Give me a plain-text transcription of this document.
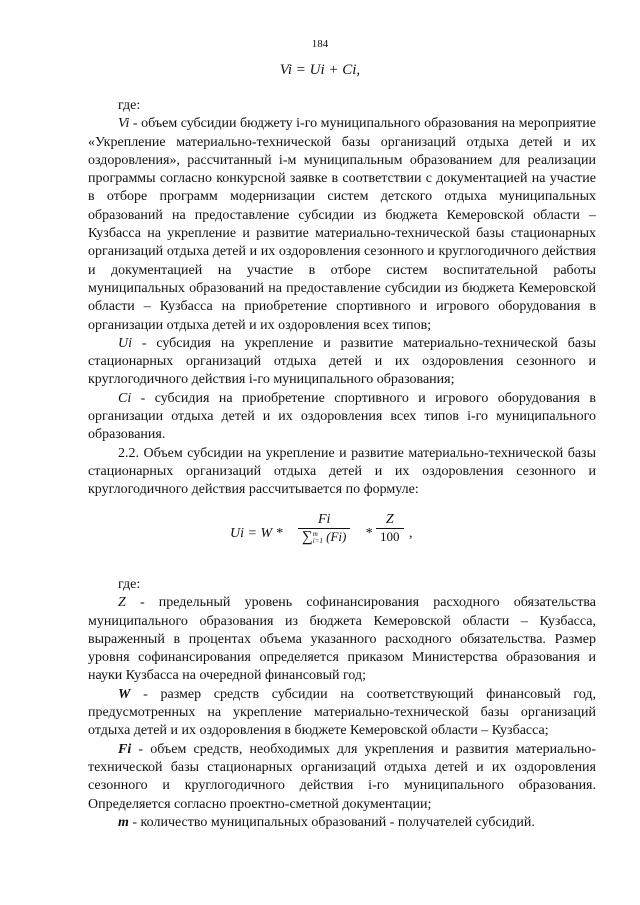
184
Vi = Ui + Ci,

где:

Vi - объем субсидии бюджету i-го муниципального образования на мероприятие «Укрепление материально-технической базы организаций отдыха детей и их оздоровления», рассчитанный i-м муниципальным образованием для реализации программы согласно конкурсной заявке в соответствии с документацией на участие в отборе программ модернизации систем детского отдыха муниципальных образований на предоставление субсидии из бюджета Кемеровской области – Кузбасса на укрепление и развитие материально-технической базы стационарных организаций отдыха детей и их оздоровления сезонного и круглогодичного действия и документацией на участие в отборе систем воспитательной работы муниципальных образований на предоставление субсидии из бюджета Кемеровской области – Кузбасса на приобретение спортивного и игрового оборудования в организации отдыха детей и их оздоровления всех типов;

Ui - субсидия на укрепление и развитие материально-технической базы стационарных организаций отдыха детей и их оздоровления сезонного и круглогодичного действия i-го муниципального образования;

Ci - субсидия на приобретение спортивного и игрового оборудования в организации отдыха детей и их оздоровления всех типов i-го муниципального образования.

2.2. Объем субсидии на укрепление и развитие материально-технической базы стационарных организаций отдыха детей и их оздоровления сезонного и круглогодичного действия рассчитывается по формуле:

Ui = W *
Fi
∑m
i=1 (Fi) *
Z
100 ,

где:

Z - предельный уровень софинансирования расходного обязательства муниципального образования из бюджета Кемеровской области – Кузбасса, выраженный в процентах объема указанного расходного обязательства. Размер уровня софинансирования определяется приказом Министерства образования и науки Кузбасса на очередной финансовый год;

W - размер средств субсидии на соответствующий финансовый год, предусмотренных на укрепление материально-технической базы организаций отдыха детей и их оздоровления в бюджете Кемеровской области – Кузбасса;

Fi - объем средств, необходимых для укрепления и развития материально-технической базы стационарных организаций отдыха детей и их оздоровления сезонного и круглогодичного действия i-го муниципального образования. Определяется согласно проектно-сметной документации;

m - количество муниципальных образований - получателей субсидий.
